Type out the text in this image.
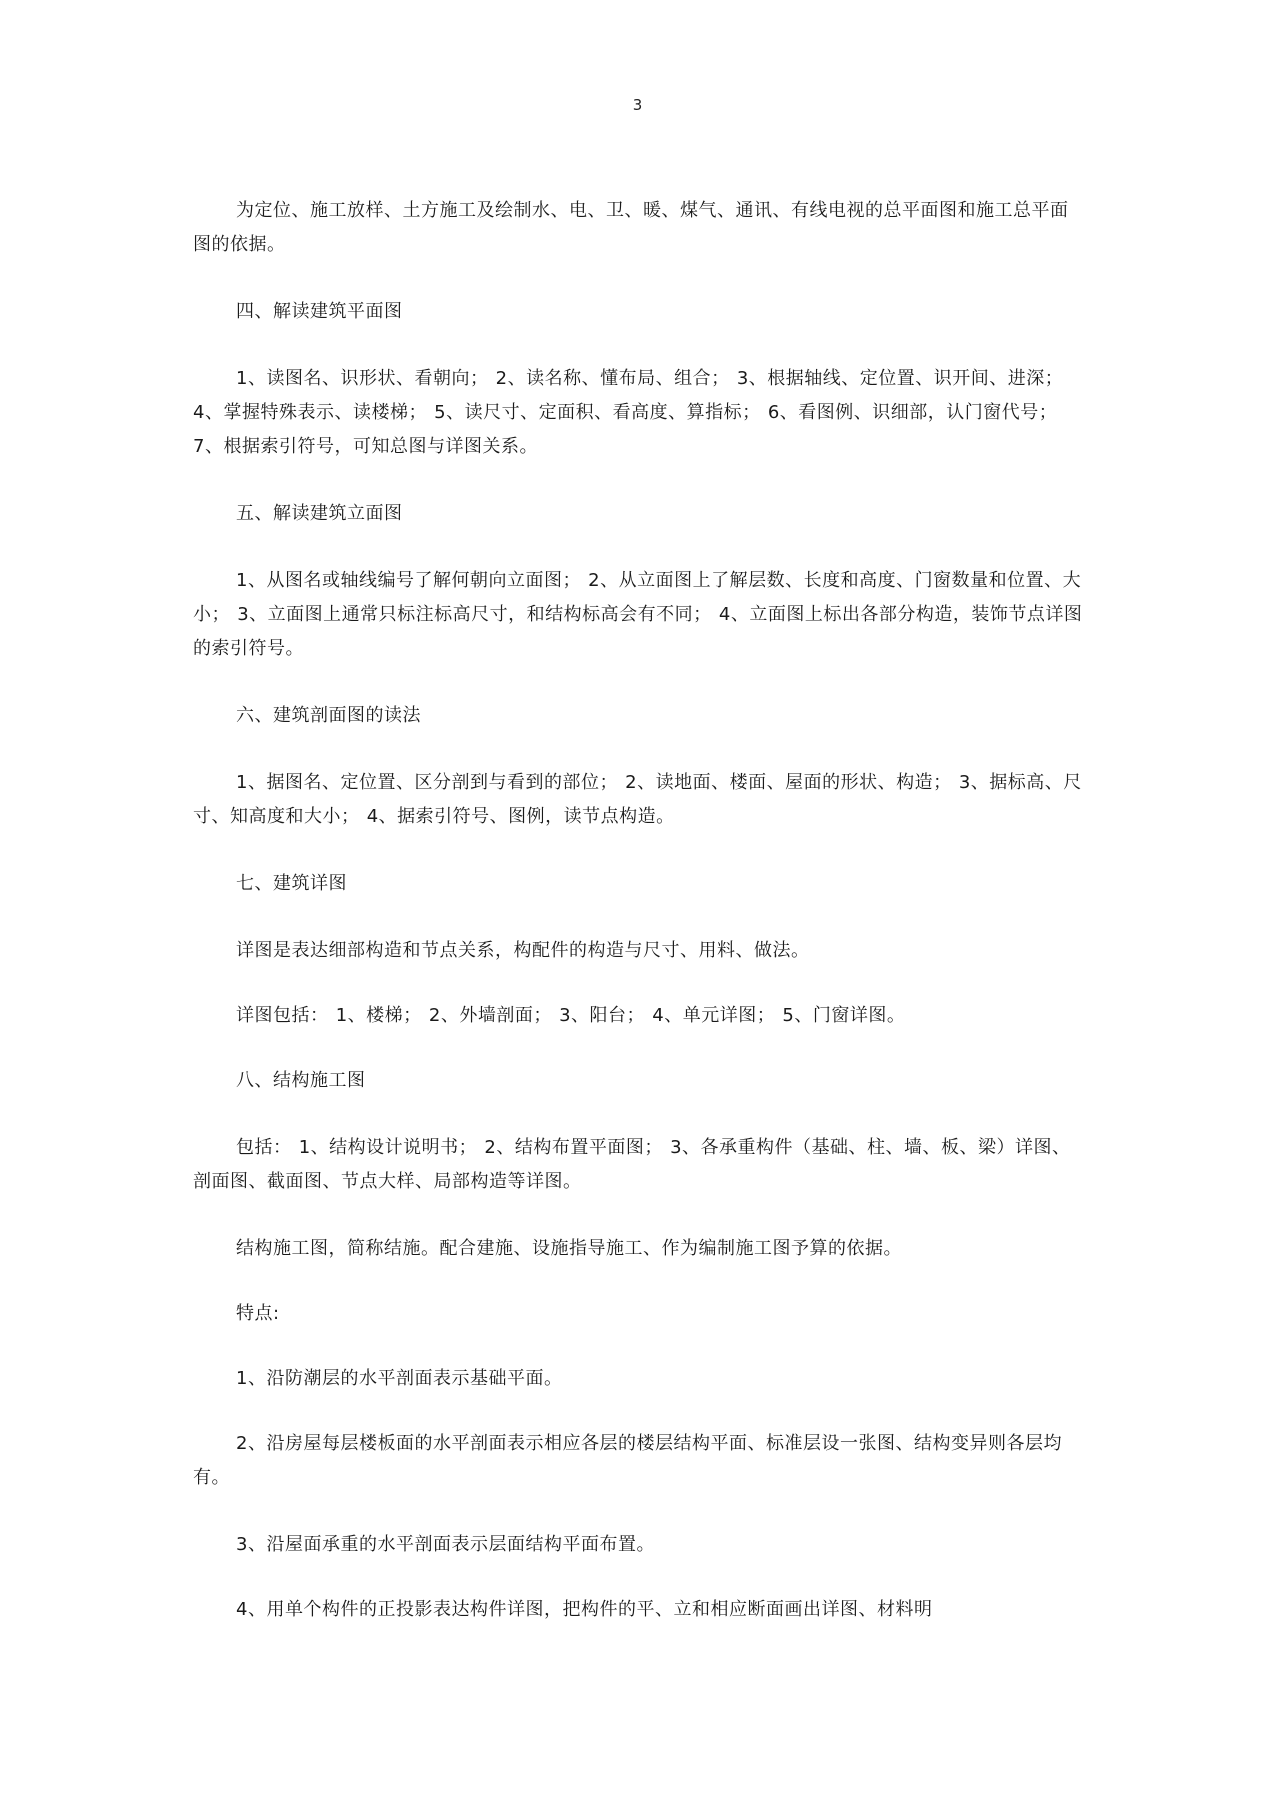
3

为定位、施工放样、土方施工及绘制水、电、卫、暖、煤气、通讯、有线电视的总平面图和施工总平面图的依据。

四、解读建筑平面图

1、读图名、识形状、看朝向； 2、读名称、懂布局、组合； 3、根据轴线、定位置、识开间、进深； 4、掌握特殊表示、读楼梯； 5、读尺寸、定面积、看高度、算指标； 6、看图例、识细部，认门窗代号； 7、根据索引符号，可知总图与详图关系。

五、解读建筑立面图

1、从图名或轴线编号了解何朝向立面图； 2、从立面图上了解层数、长度和高度、门窗数量和位置、大小； 3、立面图上通常只标注标高尺寸，和结构标高会有不同； 4、立面图上标出各部分构造，装饰节点详图的索引符号。

六、建筑剖面图的读法

1、据图名、定位置、区分剖到与看到的部位； 2、读地面、楼面、屋面的形状、构造； 3、据标高、尺寸、知高度和大小； 4、据索引符号、图例，读节点构造。

七、建筑详图

详图是表达细部构造和节点关系，构配件的构造与尺寸、用料、做法。

详图包括： 1、楼梯； 2、外墙剖面； 3、阳台； 4、单元详图； 5、门窗详图。

八、结构施工图

包括： 1、结构设计说明书； 2、结构布置平面图； 3、各承重构件（基础、柱、墙、板、梁）详图、剖面图、截面图、节点大样、局部构造等详图。

结构施工图，简称结施。配合建施、设施指导施工、作为编制施工图予算的依据。

特点:

1、沿防潮层的水平剖面表示基础平面。

2、沿房屋每层楼板面的水平剖面表示相应各层的楼层结构平面、标准层设一张图、结构变异则各层均有。

3、沿屋面承重的水平剖面表示层面结构平面布置。

4、用单个构件的正投影表达构件详图，把构件的平、立和相应断面画出详图、材料明
